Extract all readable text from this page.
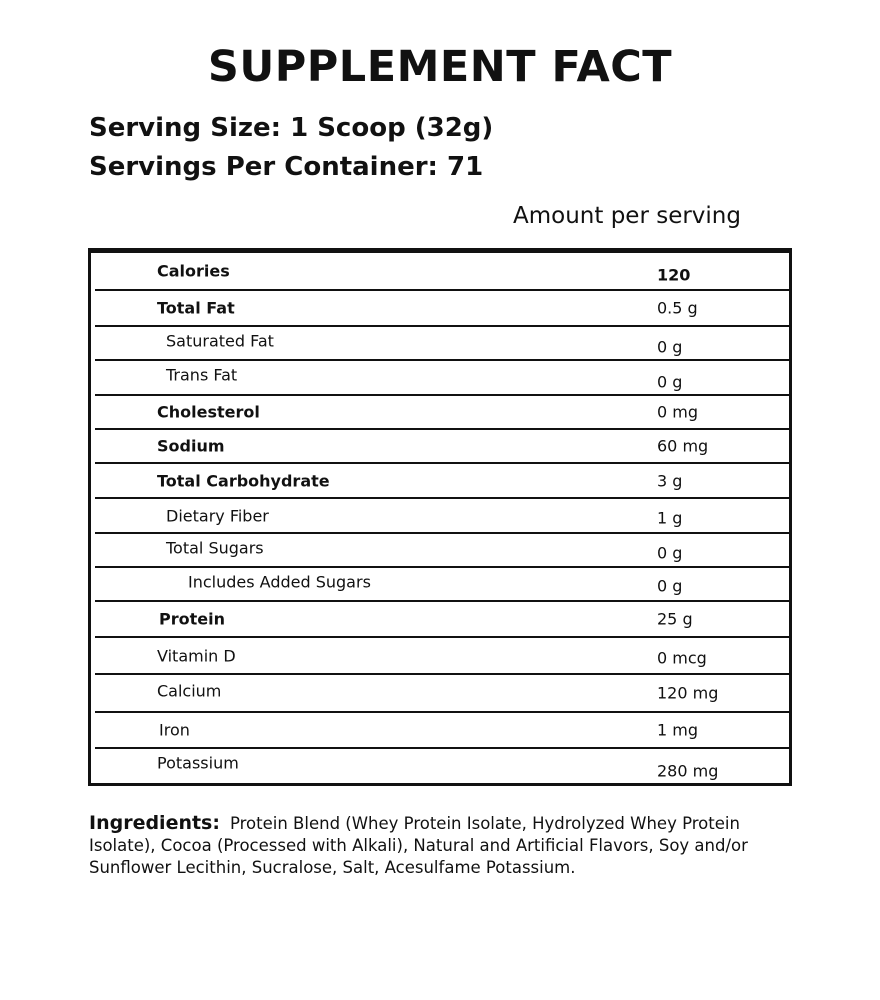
SUPPLEMENT FACT

Serving Size: 1 Scoop (32g)

Servings Per Container: 71

Amount per serving

Calories	120
Total Fat	0.5 g
Saturated Fat	0 g
Trans Fat	0 g
Cholesterol	0 mg
Sodium	60 mg
Total Carbohydrate	3 g
Dietary Fiber	1 g
Total Sugars	0 g
Includes Added Sugars	0 g
Protein	25 g
Vitamin D	0 mcg
Calcium	120 mg
Iron	1 mg
Potassium	280 mg

Ingredients: Protein Blend (Whey Protein Isolate, Hydrolyzed Whey Protein Isolate), Cocoa (Processed with Alkali), Natural and Artificial Flavors, Soy and/or Sunflower Lecithin, Sucralose, Salt, Acesulfame Potassium.
